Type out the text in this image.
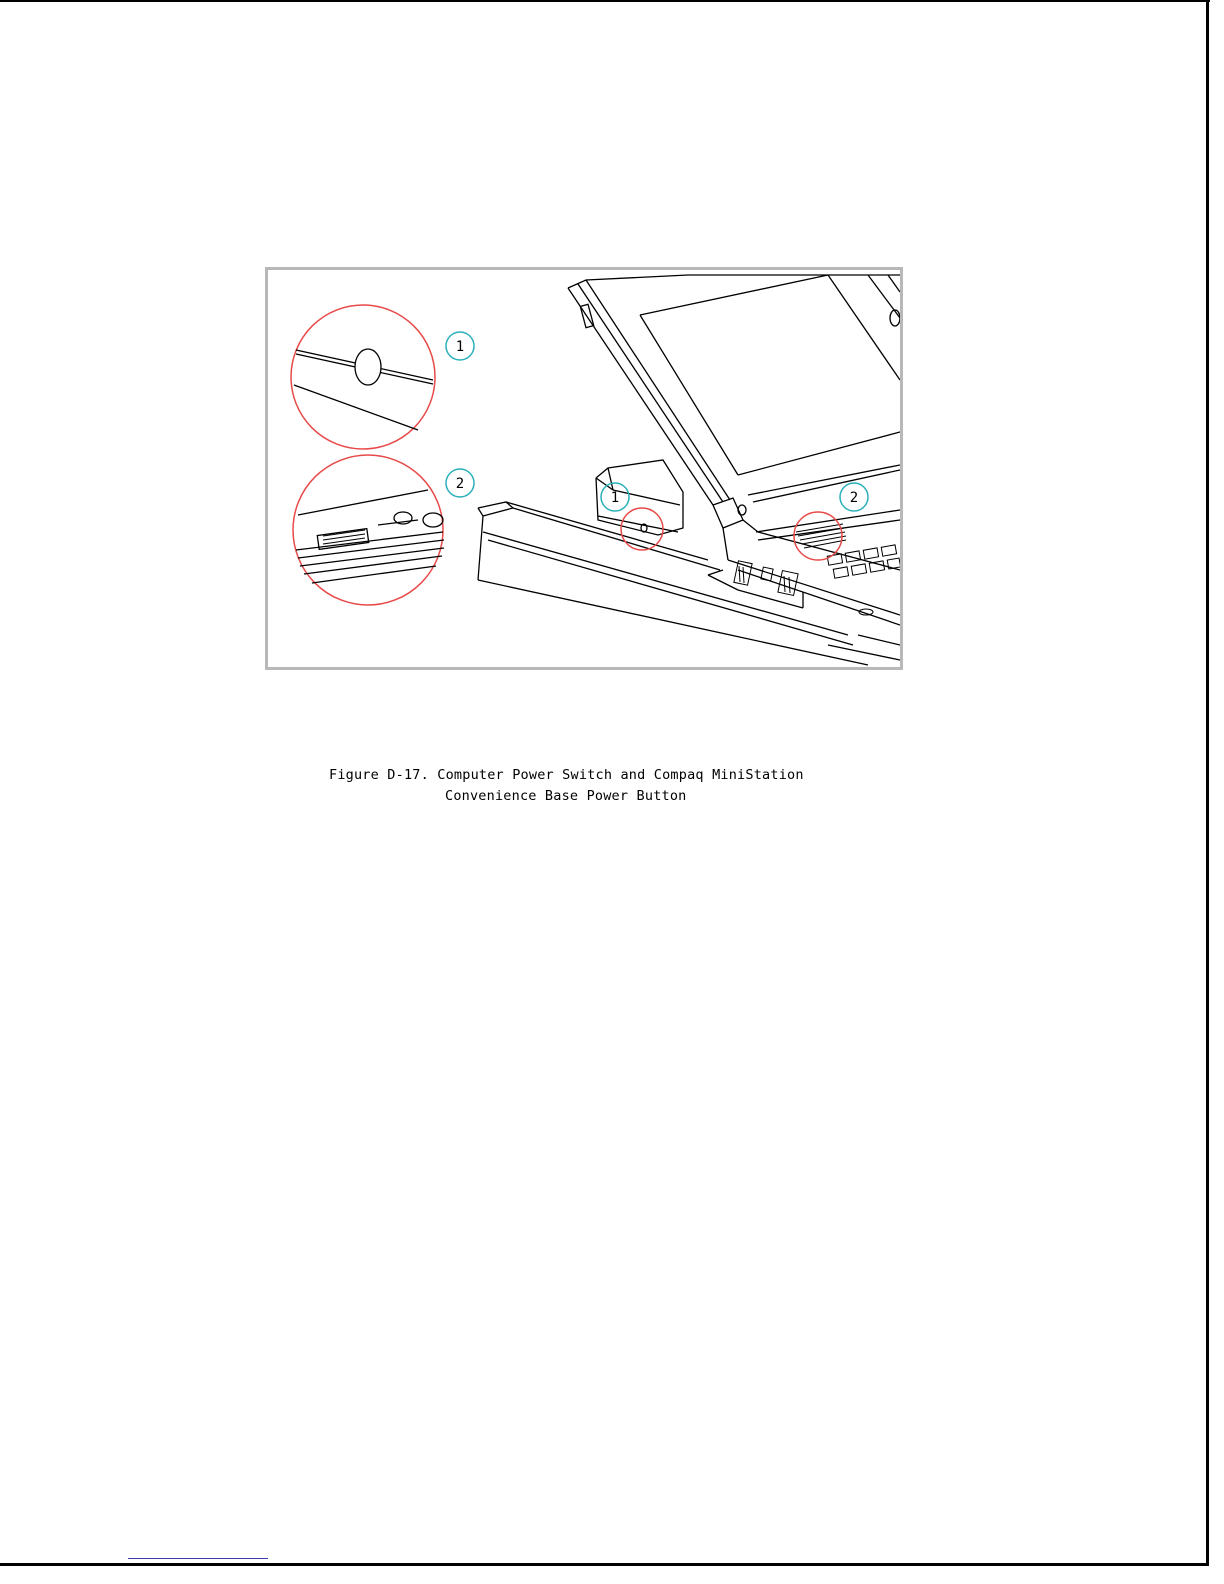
1
2
1	2
Figure D-17. Computer Power Switch and Compaq MiniStation
Convenience Base Power Button
